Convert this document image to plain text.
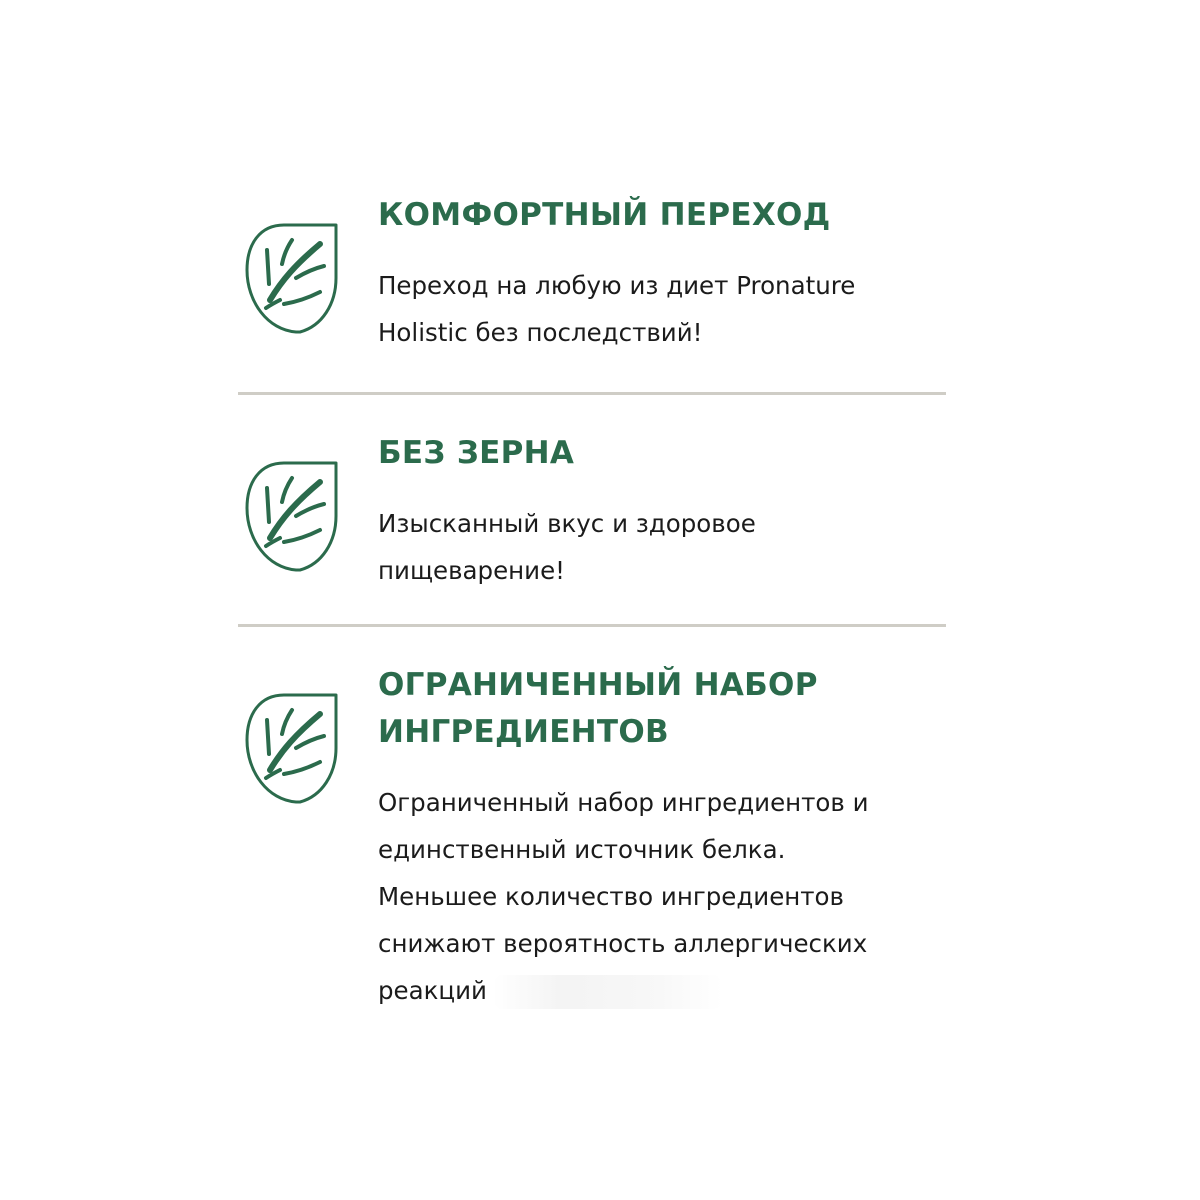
КОМФОРТНЫЙ ПЕРЕХОД
Переход на любую из диет Pronature
Holistic без последствий!
БЕЗ ЗЕРНА
Изысканный вкус и здоровое
пищеварение!
ОГРАНИЧЕННЫЙ НАБОР
ИНГРЕДИЕНТОВ
Ограниченный набор ингредиентов и
единственный источник белка.
Меньшее количество ингредиентов
снижают вероятность аллергических
реакций
